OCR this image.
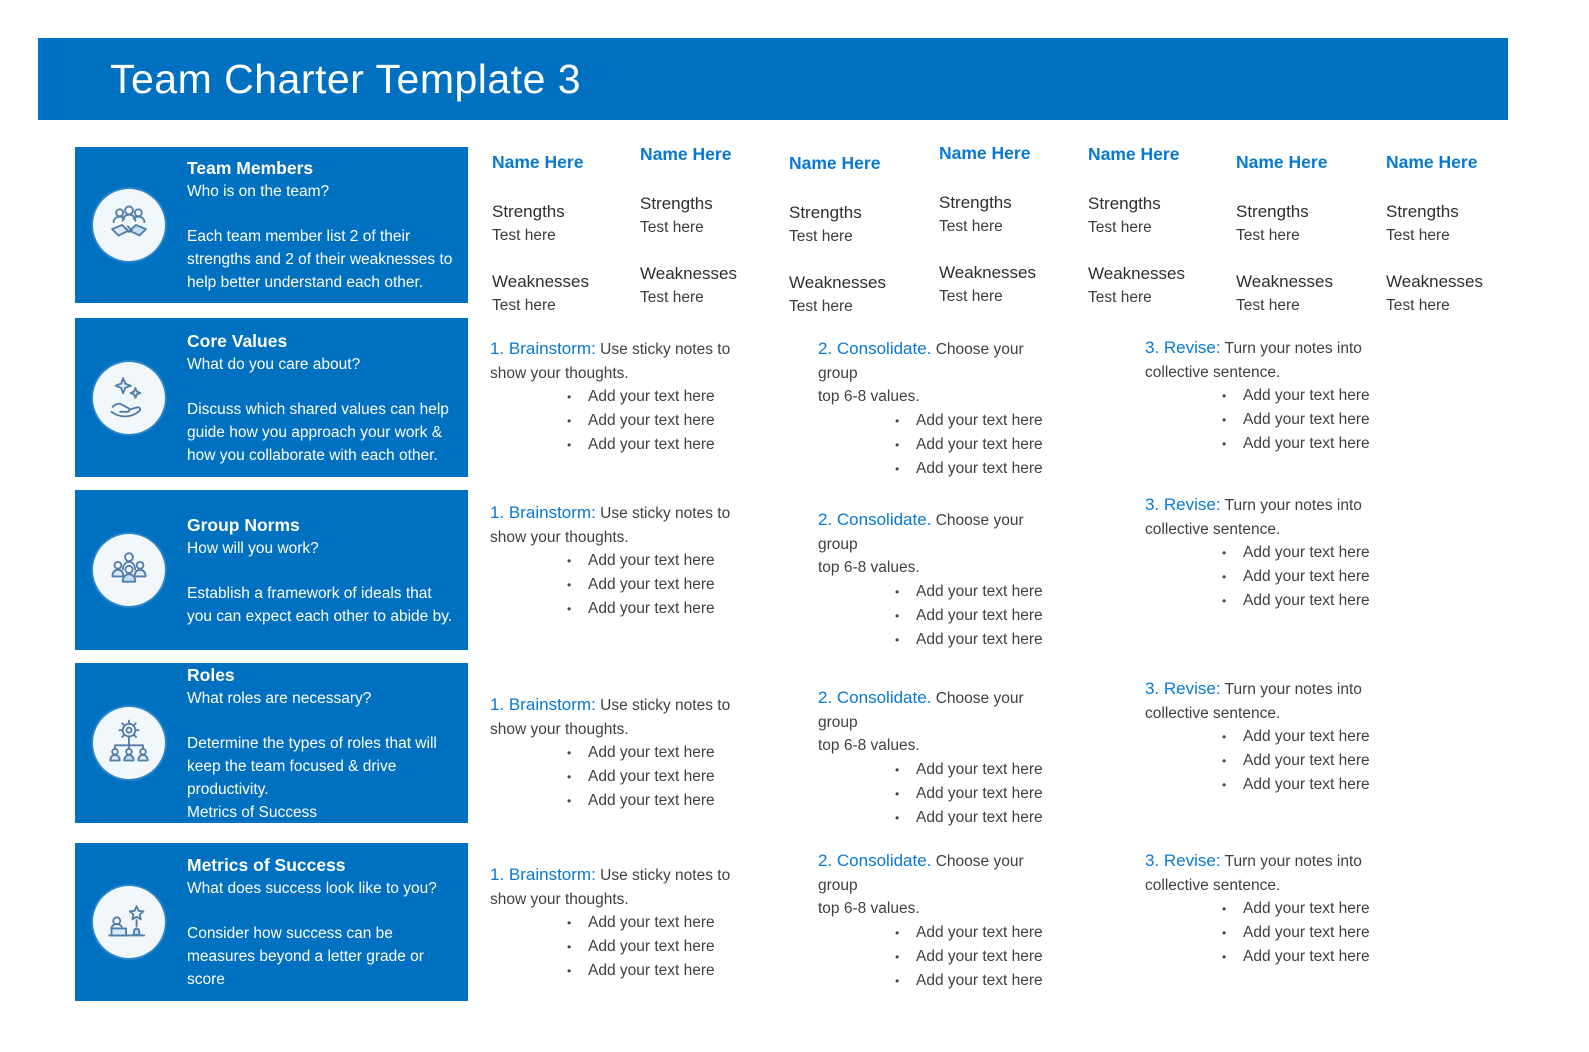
Team Charter Template 3
Team Members
Who is on the team?
Each team member list 2 of their strengths and 2 of their weaknesses to help better understand each other.
Core Values
What do you care about?
Discuss which shared values can help guide how you approach your work & how you collaborate with each other.
Group Norms
How will you work?
Establish a framework of ideals that you can expect each other to abide by.
Roles
What roles are necessary?
Determine the types of roles that will keep the team focused & drive productivity.
Metrics of Success
Metrics of Success
What does success look like to you?
Consider how success can be measures beyond a letter grade or score
Name Here
Strengths
Test here
Weaknesses
Test here
Name Here
Strengths
Test here
Weaknesses
Test here
Name Here
Strengths
Test here
Weaknesses
Test here
Name Here
Strengths
Test here
Weaknesses
Test here
Name Here
Strengths
Test here
Weaknesses
Test here
Name Here
Strengths
Test here
Weaknesses
Test here
Name Here
Strengths
Test here
Weaknesses
Test here
1. Brainstorm: Use sticky notes to
show your thoughts.
•	Add your text here
•	Add your text here
•	Add your text here
2. Consolidate. Choose your
group
top 6-8 values.
•	Add your text here
•	Add your text here
•	Add your text here
3. Revise: Turn your notes into
collective sentence.
•	Add your text here
•	Add your text here
•	Add your text here
1. Brainstorm: Use sticky notes to
show your thoughts.
•	Add your text here
•	Add your text here
•	Add your text here
2. Consolidate. Choose your
group
top 6-8 values.
•	Add your text here
•	Add your text here
•	Add your text here
3. Revise: Turn your notes into
collective sentence.
•	Add your text here
•	Add your text here
•	Add your text here
1. Brainstorm: Use sticky notes to
show your thoughts.
•	Add your text here
•	Add your text here
•	Add your text here
2. Consolidate. Choose your
group
top 6-8 values.
•	Add your text here
•	Add your text here
•	Add your text here
3. Revise: Turn your notes into
collective sentence.
•	Add your text here
•	Add your text here
•	Add your text here
1. Brainstorm: Use sticky notes to
show your thoughts.
•	Add your text here
•	Add your text here
•	Add your text here
2. Consolidate. Choose your
group
top 6-8 values.
•	Add your text here
•	Add your text here
•	Add your text here
3. Revise: Turn your notes into
collective sentence.
•	Add your text here
•	Add your text here
•	Add your text here
